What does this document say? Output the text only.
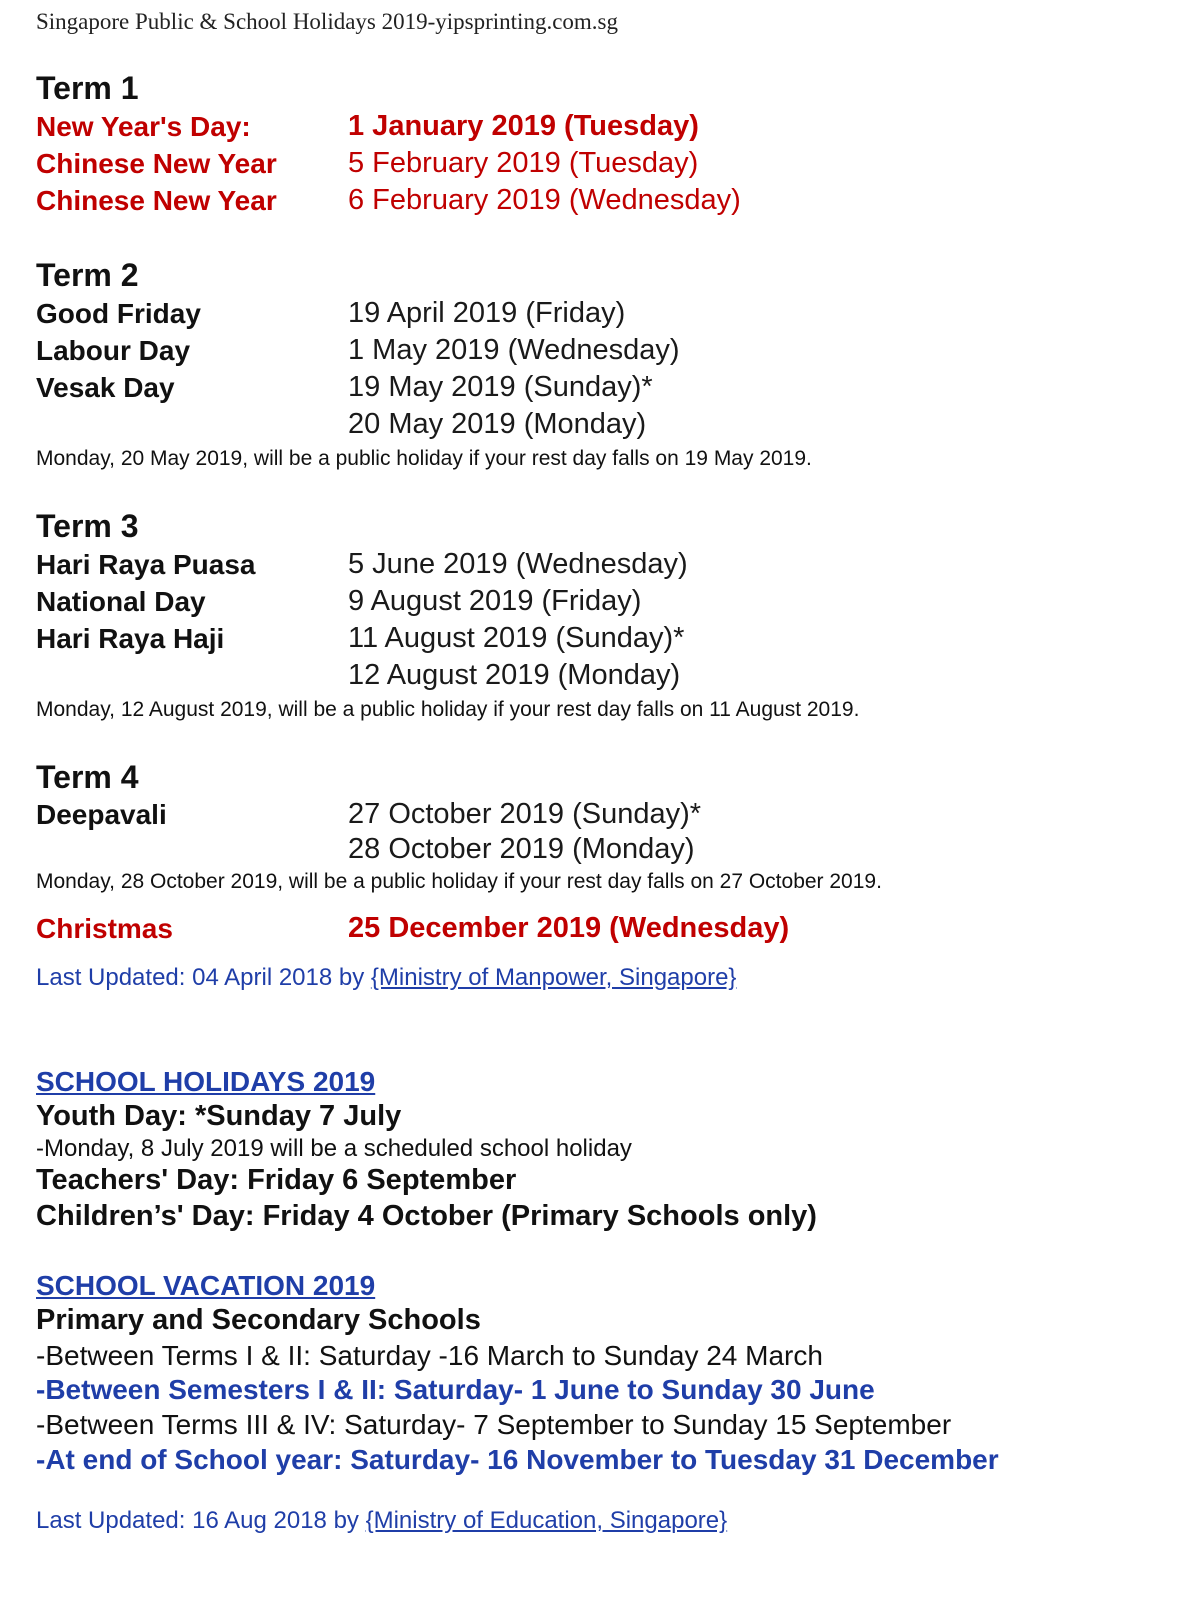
Singapore Public & School Holidays 2019-yipsprinting.com.sg
Term 1
New Year's Day:	1 January 2019 (Tuesday)
Chinese New Year 5 February 2019 (Tuesday)
Chinese New Year 6 February 2019 (Wednesday)
Term 2
Good Friday	19 April 2019 (Friday)
Labour Day	1 May 2019 (Wednesday)
Vesak Day	19 May 2019 (Sunday)*
20 May 2019 (Monday)
Monday, 20 May 2019, will be a public holiday if your rest day falls on 19 May 2019.
Term 3
Hari Raya Puasa	5 June 2019 (Wednesday)
National Day	9 August 2019 (Friday)
Hari Raya Haji	11 August 2019 (Sunday)*
12 August 2019 (Monday)
Monday, 12 August 2019, will be a public holiday if your rest day falls on 11 August 2019.
Term 4
Deepavali	27 October 2019 (Sunday)*
28 October 2019 (Monday)
Monday, 28 October 2019, will be a public holiday if your rest day falls on 27 October 2019.
Christmas	25 December 2019 (Wednesday)
Last Updated: 04 April 2018 by {Ministry of Manpower, Singapore}
SCHOOL HOLIDAYS 2019
Youth Day: *Sunday 7 July
-Monday, 8 July 2019 will be a scheduled school holiday
Teachers' Day: Friday 6 September
Children’s' Day: Friday 4 October (Primary Schools only)
SCHOOL VACATION 2019
Primary and Secondary Schools
-Between Terms I & II: Saturday -16 March to Sunday 24 March
-Between Semesters I & II: Saturday- 1 June to Sunday 30 June
-Between Terms III & IV: Saturday- 7 September to Sunday 15 September
-At end of School year: Saturday- 16 November to Tuesday 31 December
Last Updated: 16 Aug 2018 by {Ministry of Education, Singapore}
